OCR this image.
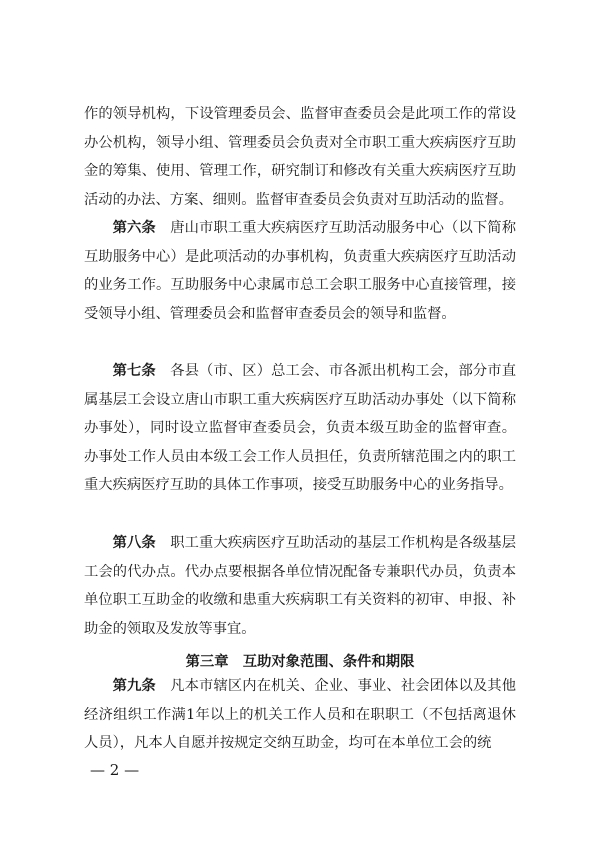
作的领导机构，下设管理委员会、监督审查委员会是此项工作的常设办公机构，领导小组、管理委员会负责对全市职工重大疾病医疗互助金的筹集、使用、管理工作，研究制订和修改有关重大疾病医疗互助活动的办法、方案、细则。监督审查委员会负责对互助活动的监督。

第六条　唐山市职工重大疾病医疗互助活动服务中心（以下简称互助服务中心）是此项活动的办事机构，负责重大疾病医疗互助活动的业务工作。互助服务中心隶属市总工会职工服务中心直接管理，接受领导小组、管理委员会和监督审查委员会的领导和监督。

第七条　各县（市、区）总工会、市各派出机构工会，部分市直属基层工会设立唐山市职工重大疾病医疗互助活动办事处（以下简称办事处），同时设立监督审查委员会，负责本级互助金的监督审查。办事处工作人员由本级工会工作人员担任，负责所辖范围之内的职工重大疾病医疗互助的具体工作事项，接受互助服务中心的业务指导。

第八条　职工重大疾病医疗互助活动的基层工作机构是各级基层工会的代办点。代办点要根据各单位情况配备专兼职代办员，负责本单位职工互助金的收缴和患重大疾病职工有关资料的初审、申报、补助金的领取及发放等事宜。

第三章　互助对象范围、条件和期限

第九条　凡本市辖区内在机关、企业、事业、社会团体以及其他经济组织工作满1年以上的机关工作人员和在职职工（不包括离退休人员），凡本人自愿并按规定交纳互助金，均可在本单位工会的统

— 2 —
